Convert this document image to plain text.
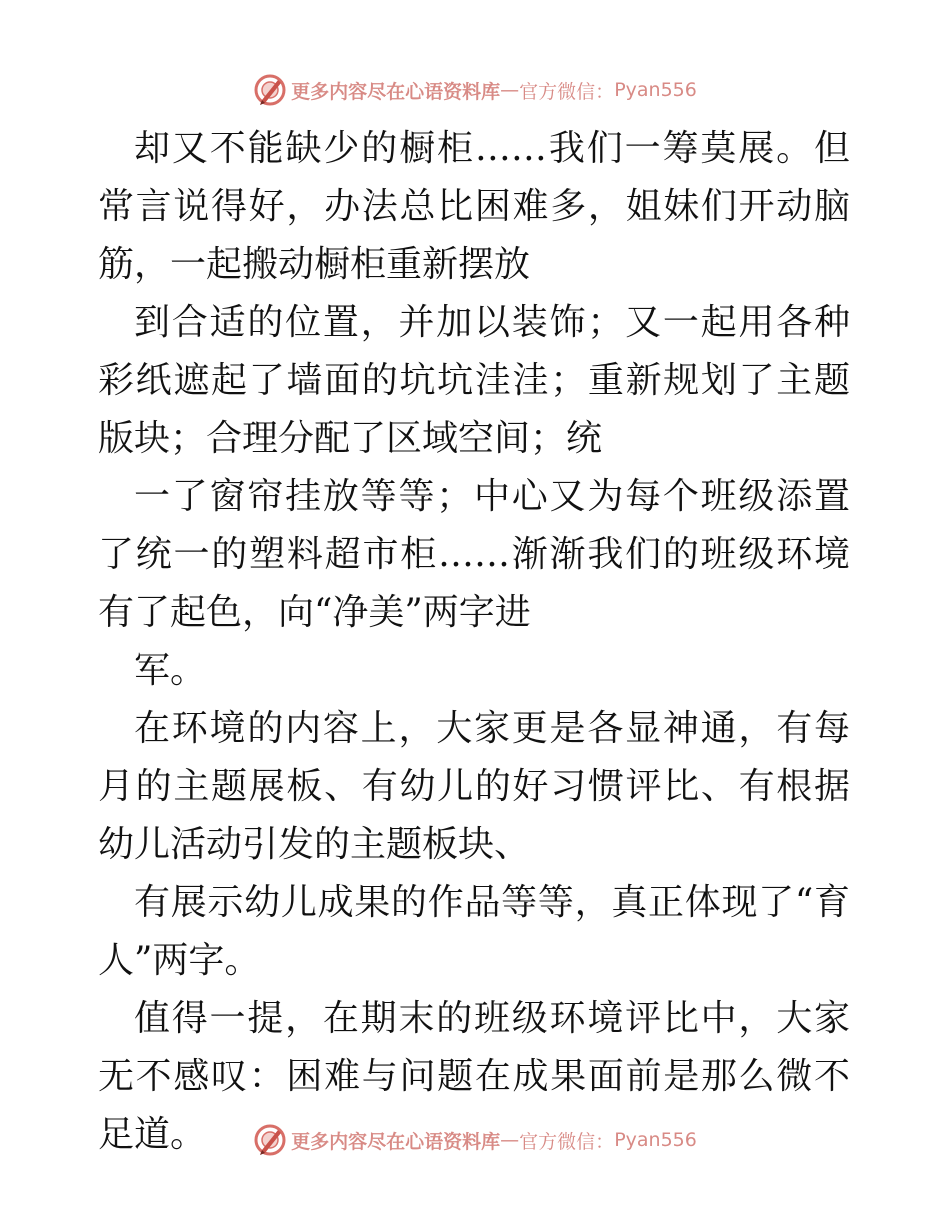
更多内容尽在心语资料库 — 官方微信： Pyan556

却又不能缺少的橱柜……我们一筹莫展。但常言说得好，办法总比困难多，姐妹们开动脑筋，一起搬动橱柜重新摆放

到合适的位置，并加以装饰；又一起用各种彩纸遮起了墙面的坑坑洼洼；重新规划了主题版块；合理分配了区域空间；统

一了窗帘挂放等等；中心又为每个班级添置了统一的塑料超市柜……渐渐我们的班级环境有了起色，向“净美”两字进

军。

在环境的内容上，大家更是各显神通，有每月的主题展板、有幼儿的好习惯评比、有根据幼儿活动引发的主题板块、

有展示幼儿成果的作品等等，真正体现了“育人”两字。

值得一提，在期末的班级环境评比中，大家无不感叹：困难与问题在成果面前是那么微不足道。	更多内容尽在心语资料库 — 官方微信： Pyan556
